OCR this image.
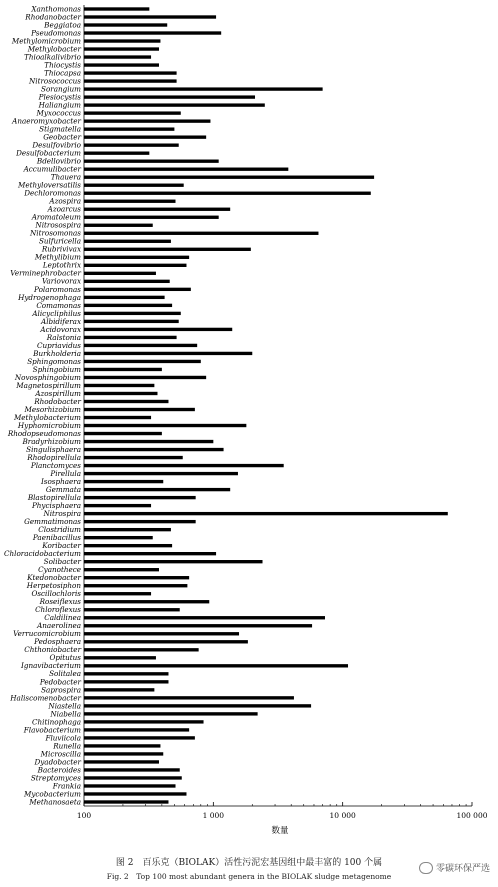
Xanthomonas
Rhodanobacter
Beggiatoa
Pseudomonas
Methylomicrobium
Methylobacter
Thioalkalivibrio
Thiocystis
Thiocapsa
Nitrosococcus
Sorangium
Plesiocystis
Haliangium
Myxococcus
Anaeromyxobacter
Stigmatella
Geobacter
Desulfovibrio
Desulfobacterium
Bdellovibrio
Accumulibacter
Thauera
Methyloversatilis
Dechloromonas
Azospira
Azoarcus
Aromatoleum
Nitrosospira
Nitrosomonas
Sulfuricella
Rubrivivax
Methylibium
Leptothrix
Verminephrobacter
Variovorax
Polaromonas
Hydrogenophaga
Comamonas
Alicycliphilus
Albidiferax
Acidovorax
Ralstonia
Cupriavidus
Burkholderia
Sphingomonas
Sphingobium
Novosphingobium
Magnetospirillum
Azospirillum
Rhodobacter
Mesorhizobium
Methylobacterium
Hyphomicrobium
Rhodopseudomonas
Bradyrhizobium
Singulisphaera
Rhodopirellula
Planctomyces
Pirellula
Isosphaera
Gemmata
Blastopirellula
Phycisphaera
Nitrospira
Gemmatimonas
Clostridium
Paenibacillus
Koribacter
Chloracidobacterium
Solibacter
Cyanothece
Ktedonobacter
Herpetosiphon
Oscillochloris
Roseiflexus
Chloroflexus
Caldilinea
Anaerolinea
Verrucomicrobium
Pedosphaera
Chthoniobacter
Opitutus
Ignavibacterium
Solitalea
Pedobacter
Saprospira
Haliscomenobacter
Niastella
Niabella
Chitinophaga
Flavobacterium
Fluviicola
Runella
Microscilla
Dyadobacter
Bacteroides
Streptomyces
Frankia
Mycobacterium
Methanosaeta
100	1 000	10 000	100 000
数量
图 2　百乐克（BIOLAK）活性污泥宏基因组中最丰富的 100 个属
Fig. 2　Top 100 most abundant genera in the BIOLAK sludge metagenome
零碳环保严选
